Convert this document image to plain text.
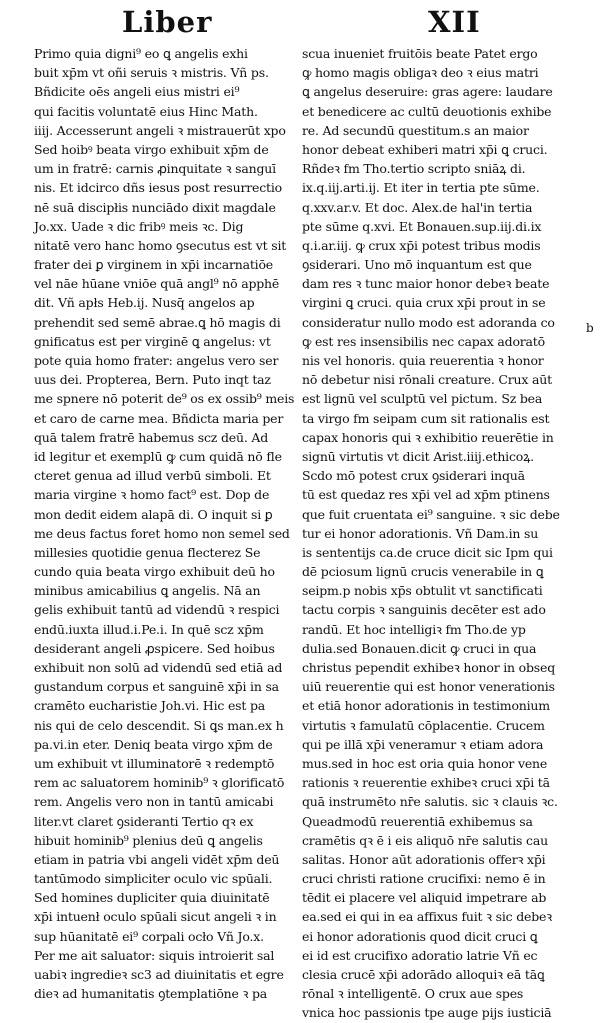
Liber	XII
Primo quia digni⁹ eo ꝗ angelis exhi
buit xp̄m vt oñi seruis ꝛ mistris. Vñ ps.
Bñdicite oēs angeli eius mistri ei⁹
qui facitis voluntatē eius Hinc Math.
iiij. Accesserunt angeli ꝛ mistrauerūt xpo
Sed hoibꝰ beata virgo exhibuit xp̄m de
um in fratrē: carnis ꝓinquitate ꝛ sanguī
nis. Et idcirco dñs iesus post resurrectio
nē suā discipłis nunciādo dixit magdale
Jo.xx. Uade ꝛ dic fribꝰ meis ꝛc. Dig
nitatē vero hanc homo ꝯsecutus est vt sit
frater dei ꝑ virginem in xp̄i incarnatiōe
vel nāe hūane vniōe quā angl⁹ nō apphē
dit. Vñ apłs Heb.ij. Nusq̄ angelos ap
prehendit sed semē abrae.ꝗ hō magis di
gnificatus est per virginē ꝗ angelus: vt
pote quia homo frater: angelus vero ser
uus dei. Propterea, Bern. Puto inqt taz
me spnere nō poterit de⁹ os ex ossib⁹ meis
et caro de carne mea. Bñdicta maria per
quā talem fratrē habemus scz deū. Ad
id legitur et exemplū ꝙ cum quidā nō fle
cteret genua ad illud verbū simboli. Et
maria virgine ꝛ homo fact⁹ est. Dop de
mon dedit eidem alapā di. O inquit si ꝑ
me deus factus foret homo non semel sed
millesies quotidie genua flecterez Se
cundo quia beata virgo exhibuit deū ho
minibus amicabilius ꝗ angelis. Nā an
gelis exhibuit tantū ad videndū ꝛ respici
endū.iuxta illud.i.Pe.i. In quē scz xp̄m
desiderant angeli ꝓspicere. Sed hoibus
exhibuit non solū ad videndū sed etiā ad
gustandum corpus et sanguinē xp̄i in sa
cramēto eucharistie Joh.vi. Hic est pa
nis qui de celo descendit. Si ꝗs man.ex h
pa.vi.in eter. Deniq beata virgo xp̄m de
um exhibuit vt illuminatorē ꝛ redemptō
rem ac saluatorem hominib⁹ ꝛ glorificatō
rem. Angelis vero non in tantū amicabi
liter.vt claret ꝯsideranti Tertio qꝛ ex
hibuit hominib⁹ plenius deū ꝗ angelis
etiam in patria vbi angeli vidēt xp̄m deū
tantūmodo simpliciter oculo vic spūali.
Sed homines dupliciter quia diuinitatē
xp̄i intuenł oculo spūali sicut angeli ꝛ in
sup hūanitatē ei⁹ corpali ocło Vñ Jo.x.
Per me ait saluator: siquis introierit sal
uabiꝛ ingredieꝛ sc3 ad diuinitatis et egre
dieꝛ ad humanitatis ꝯtemplatiōne ꝛ pa
scua inueniet fruitōis beate Patet ergo
ꝙ homo magis obligaꝛ deo ꝛ eius matri
ꝗ angelus deseruire: gras agere: laudare
et benedicere ac cultū deuotionis exhibe
re. Ad secundū questitum.s an maior
honor debeat exhiberi matri xp̄i ꝗ cruci.
Rñdeꝛ fm Tho.tertio scripto sniāꝝ di.
ix.q.iij.arti.ij. Et iter in tertia pte sūme.
q.xxv.ar.v. Et doc. Alex.de hal'in tertia
pte sūme q.xvi. Et Bonauen.sup.iij.di.ix
q.i.ar.iij. ꝙ crux xp̄i potest tribus modis
ꝯsiderari. Uno mō inquantum est que
dam res ꝛ tunc maior honor debeꝛ beate
virgini ꝗ cruci. quia crux xp̄i prout in se
consideratur nullo modo est adoranda co
ꝙ est res insensibilis nec capax adoratō
nis vel honoris. quia reuerentia ꝛ honor
nō debetur nisi rōnali creature. Crux aūt
est lignū vel sculptū vel pictum. Sz bea
ta virgo fm seipam cum sit rationalis est
capax honoris qui ꝛ exhibitio reuerētie in
signū virtutis vt dicit Arist.iiij.ethicoꝝ.
Scdo mō potest crux ꝯsiderari inquā
tū est quedaz res xp̄i vel ad xp̄m ptinens
que fuit cruentata ei⁹ sanguine. ꝛ sic debe
tur ei honor adorationis. Vñ Dam.in su
is sententijs ca.de cruce dicit sic Ipm qui
dē pciosum lignū crucis venerabile in ꝗ
seipm.p nobis xp̄s obtulit vt sanctificati
tactu corpis ꝛ sanguinis decēter est ado
randū. Et hoc intelligiꝛ fm Tho.de yp
dulia.sed Bonauen.dicit ꝙ cruci in qua
christus pependit exhibeꝛ honor in obseq
uiū reuerentie qui est honor venerationis
et etiā honor adorationis in testimonium
virtutis ꝛ famulatū cōplacentie. Crucem
qui pe illā xp̄i veneramur ꝛ etiam adora
mus.sed in hoc est oria quia honor vene
rationis ꝛ reuerentie exhibeꝛ cruci xp̄i tā
quā instrumēto nr̄e salutis. sic ꝛ clauis ꝛc.
Queadmodū reuerentiā exhibemus sa
cramētis qꝛ ē i eis aliquō nr̄e salutis cau
salitas. Honor aūt adorationis offerꝛ xp̄i
cruci christi ratione crucifixi: nemo ē in
tēdit ei placere vel aliquid impetrare ab
ea.sed ei qui in ea affixus fuit ꝛ sic debeꝛ
ei honor adorationis quod dicit cruci ꝗ
ei id est crucifixo adoratio latrie Vñ ec
clesia crucē xp̄i adorādo alloquiꝛ eā tāꝗ
rōnal ꝛ intelligentē. O crux aue spes
vnica hoc passionis tpe auge pijs iusticiā
b
